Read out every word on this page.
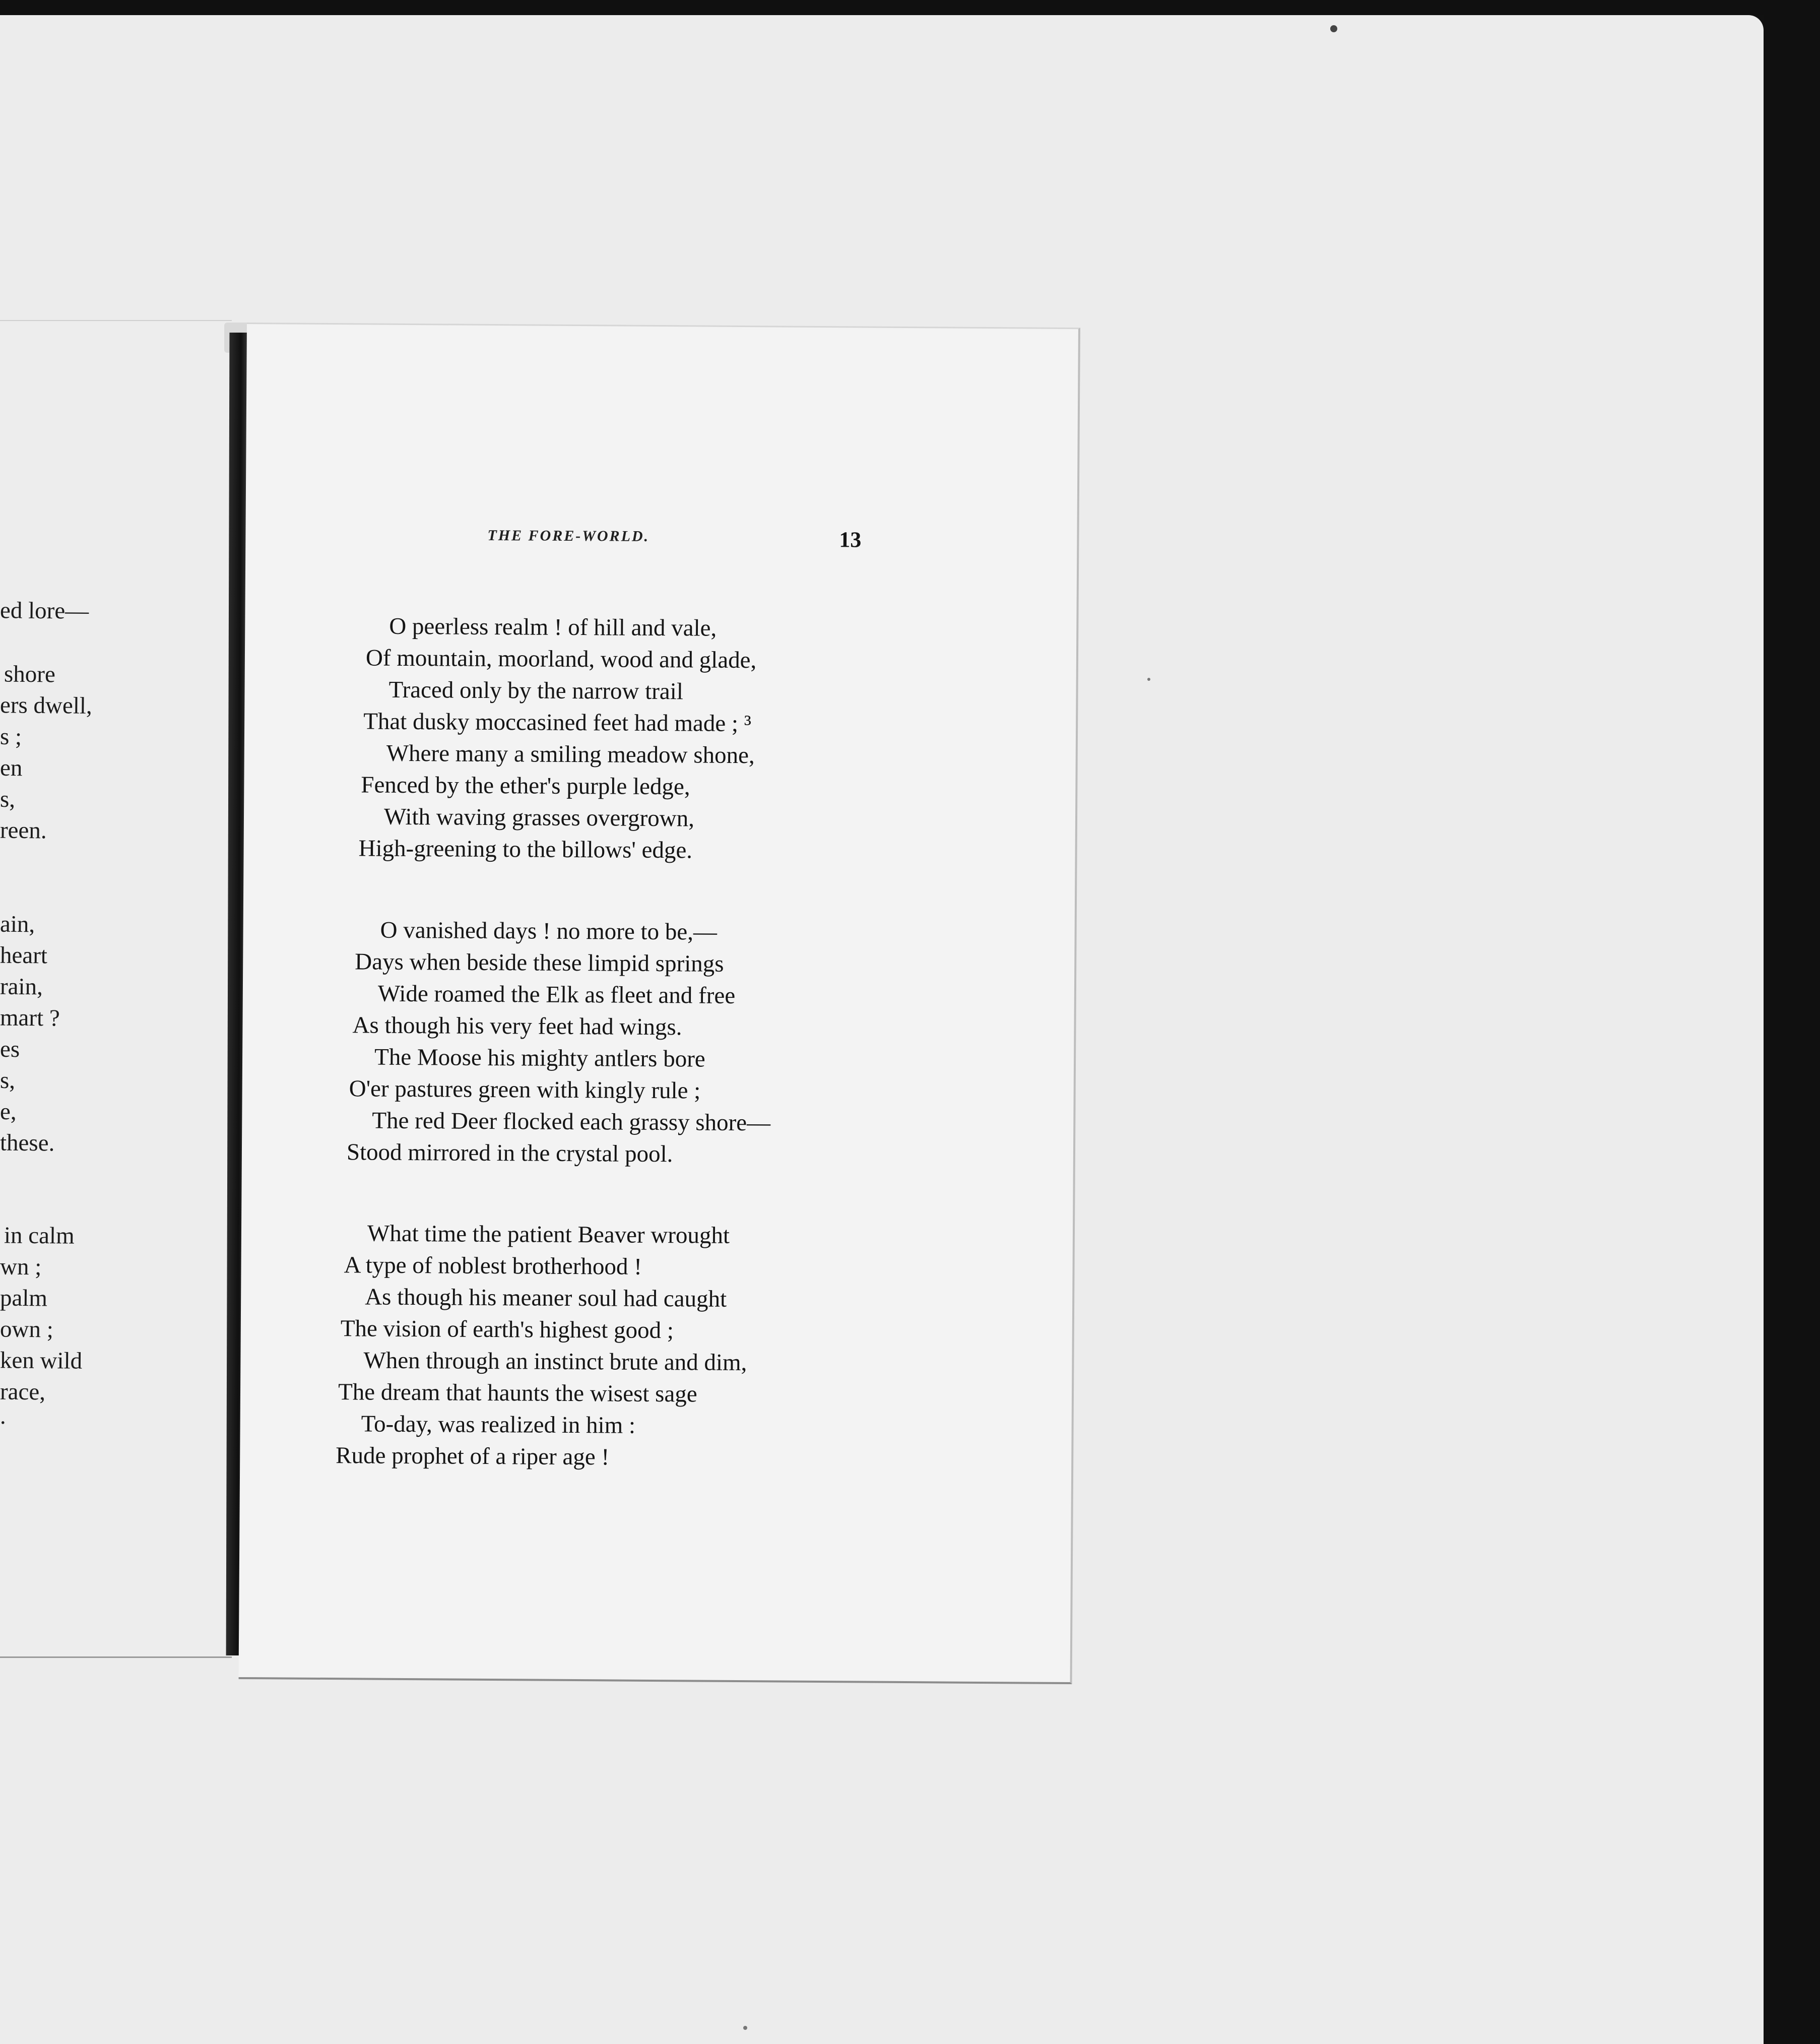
ed lore—
shore
ers dwell,
s ;
en
s,
reen.
ain,
heart
rain,
mart ?
es
s,
e,
these.
in calm
wn ;
palm
own ;
ken wild
race,
.
THE FORE-WORLD.	13
O peerless realm ! of hill and vale,
Of mountain, moorland, wood and glade,
Traced only by the narrow trail
That dusky moccasined feet had made ; ³
Where many a smiling meadow shone,
Fenced by the ether's purple ledge,
With waving grasses overgrown,
High-greening to the billows' edge.
O vanished days ! no more to be,—
Days when beside these limpid springs
Wide roamed the Elk as fleet and free
As though his very feet had wings.
The Moose his mighty antlers bore
O'er pastures green with kingly rule ;
The red Deer flocked each grassy shore—
Stood mirrored in the crystal pool.
What time the patient Beaver wrought
A type of noblest brotherhood !
As though his meaner soul had caught
The vision of earth's highest good ;
When through an instinct brute and dim,
The dream that haunts the wisest sage
To-day, was realized in him :
Rude prophet of a riper age !
